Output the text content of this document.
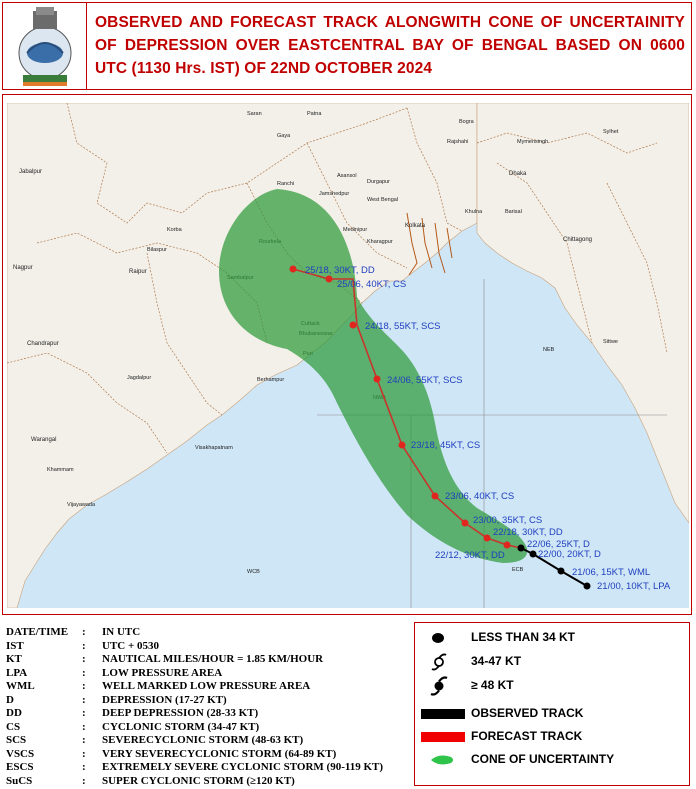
OBSERVED AND FORECAST TRACK ALONGWITH CONE OF UNCERTAINITY OF DEPRESSION OVER EASTCENTRAL BAY OF BENGAL BASED ON 0600 UTC (1130 Hrs. IST) OF 22ND OCTOBER 2024
NEB
ECB
WCB
Jabalpur
Nagpur
Chandrapur
Warangal
Khammam
Vijayawada
Visakhapatnam
Jagdalpur
Raipur
Bilaspur
Korba
Ranchi
Jamshedpur
Asansol
Durgapur
West Bengal
Kolkata
Medinipur
Kharagpur
Berhampur
Dhaka
Khulna	Barisal
Chittagong
Sittwe
Mymensingh
Sylhet
Rajshahi
Bogra
Saran	Patna
Gaya
21/00, 10KT, LPA
21/06, 15KT, WML
22/00, 20KT, D
22/06, 25KT, D
22/12, 30KT, DD
22/18, 30KT, DD
23/00, 35KT, CS
23/06, 40KT, CS
23/18, 45KT, CS
24/06, 55KT, SCS
24/18, 55KT, SCS
25/06, 40KT, CS
25/18, 30KT, DD
DATE/TIME	: IN UTC
IST	: UTC + 0530
KT	: NAUTICAL MILES/HOUR = 1.85 KM/HOUR
LPA	: LOW PRESSURE AREA
WML	: WELL MARKED LOW PRESSURE AREA
D	: DEPRESSION (17-27 KT)
DD	: DEEP DEPRESSION (28-33 KT)
CS	: CYCLONIC STORM (34-47 KT)
SCS	: SEVERECYCLONIC STORM (48-63 KT)
VSCS	: VERY SEVERECYCLONIC STORM (64-89 KT)
ESCS	: EXTREMELY SEVERE CYCLONIC STORM (90-119 KT)
SuCS	: SUPER CYCLONIC STORM (≥120 KT)
LESS THAN 34 KT
34-47 KT
≥ 48 KT
OBSERVED TRACK
FORECAST TRACK
CONE OF UNCERTAINTY
